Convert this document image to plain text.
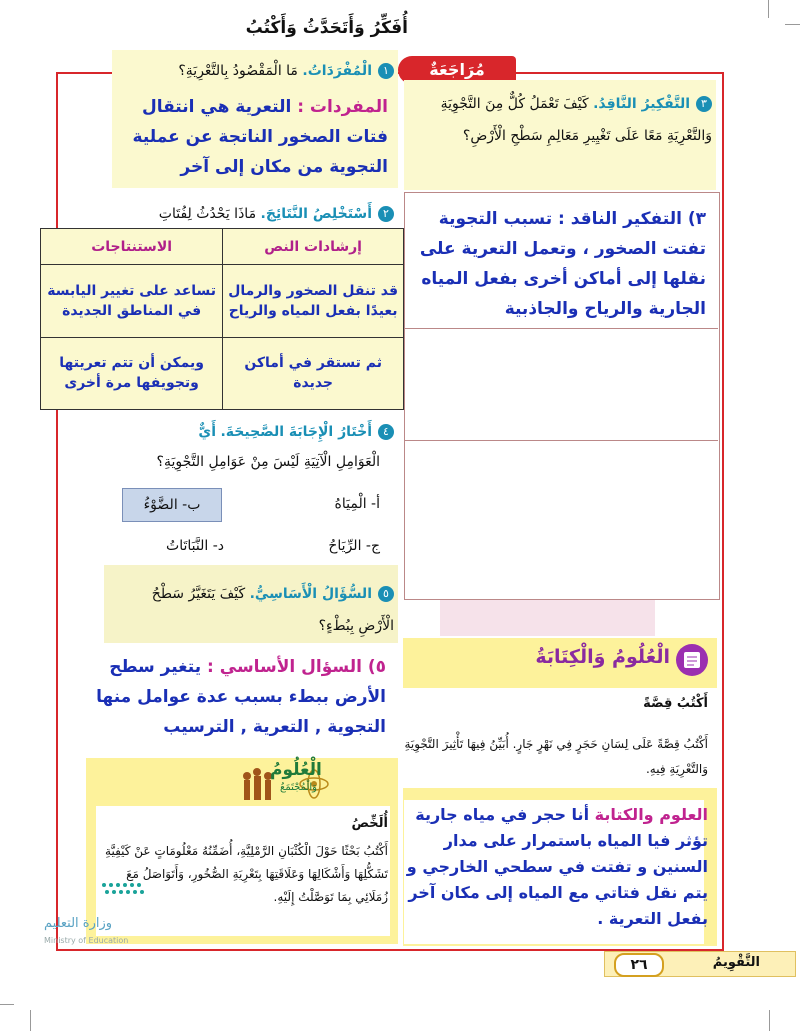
مُرَاجَعَةٌ
أُفَكِّرُ وَأَتَحَدَّثُ وَأَكْتُبُ
١الْمُفْرَدَاتُ. مَا الْمَقْصُودُ بِالتَّعْرِيَةِ؟
المفردات : التعرية هي انتقال فتات الصخور الناتجة عن عملية التجوية من مكان إلى آخر
٢أَسْتَخْلِصُ النَّتَائِجَ. مَاذَا يَحْدُثُ لِفُتَاتِ
إرشادات النص	الاستنتاجات
قد تنقل الصخور والرمال بعيدًا بفعل المياه والرياح	تساعد على تغيير اليابسة في المناطق الجديدة
ثم تستقر في أماكن جديدة	ويمكن أن تتم تعريتها وتجويفها مرة أخرى
٣التَّفْكِيرُ النَّاقِدُ. كَيْفَ تَعْمَلُ كُلٌّ مِنَ التَّجْوِيَةِ وَالتَّعْرِيَةِ مَعًا عَلَى تَغْيِيرِ مَعَالِمِ سَطْحِ الْأَرْضِ؟
٣) التفكير الناقد : تسبب التجوية تفتت الصخور ، وتعمل التعرية على نقلها إلى أماكن أخرى بفعل المياه الجارية والرياح والجاذبية
٤أَخْتَارُ الْإِجَابَةَ الصَّحِيحَةَ. أَيٌّ
الْعَوَامِلِ الْآتِيَةِ لَيْسَ مِنْ عَوَامِلِ التَّجْوِيَةِ؟
أ- الْمِيَاهُ
ب- الضَّوْءُ
ج- الرِّيَاحُ
د- النَّبَاتَاتُ
٥السُّؤَالُ الْأَسَاسِيُّ. كَيْفَ يَتَغَيَّرُ سَطْحُ الْأَرْضِ بِبُطْءٍ؟
٥) السؤال الأساسي : يتغير سطح الأرض ببطء بسبب عدة عوامل منها التجوية , التعرية , الترسيب
الْعُلُومُ
وَالْمُجْتَمَعُ
أُلَخِّصُ
أَكْتُبُ بَحْثًا حَوْلَ الْكُثْبَانِ الرَّمْلِيَّةِ، أُضَمِّنُهُ مَعْلُومَاتٍ عَنْ كَيْفِيَّةِ تَشَكُّلِهَا وَأَشْكَالِهَا وَعَلَاقَتِهَا بِتَعْرِيَةِ الصُّخُورِ، وَأَتَوَاصَلُ مَعَ زُمَلَائِي بِمَا تَوَصَّلْتُ إِلَيْهِ.
وزارة التعليم
Ministry of Education
الْعُلُومُ وَالْكِتَابَةُ
أَكْتُبُ قِصَّةً
أَكْتُبُ قِصَّةً عَلَى لِسَانِ حَجَرٍ فِي نَهْرٍ جَارٍ. أُبَيِّنُ فِيهَا تَأْثِيرَ التَّجْوِيَةِ وَالتَّعْرِيَةِ فِيهِ.
العلوم والكتابة أنا حجر في مياه جارية تؤثر فيا المياه باستمرار على مدار السنين و تفتت في سطحي الخارجي و يتم نقل فتاتي مع المياه إلى مكان آخر بفعل التعرية .
٢٦	التَّقْوِيمُ
